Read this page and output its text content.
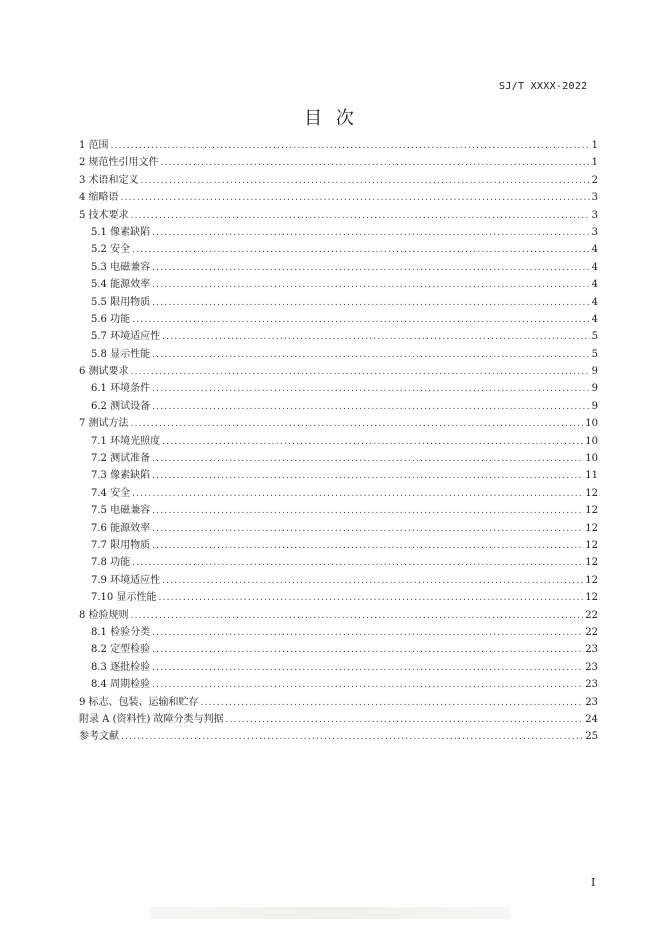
SJ/T XXXX-2022
目 次
1 范围 .....	1
2 规范性引用文件 .....	1
3 术语和定义 .....	2
4 缩略语 .....	3
5 技术要求 .....	3
5.1 像素缺陷 .....	3
5.2 安全 .....	4
5.3 电磁兼容 .....	4
5.4 能源效率 .....	4
5.5 限用物质 .....	4
5.6 功能 .....	4
5.7 环境适应性 .....	5
5.8 显示性能 .....	5
6 测试要求 .....	9
6.1 环境条件 .....	9
6.2 测试设备 .....	9
7 测试方法 .....	10
7.1 环境光照度 .....	10
7.2 测试准备 .....	10
7.3 像素缺陷 .....	11
7.4 安全 .....	12
7.5 电磁兼容 .....	12
7.6 能源效率 .....	12
7.7 限用物质 .....	12
7.8 功能 .....	12
7.9 环境适应性 .....	12
7.10 显示性能 .....	12
8 检验规则 .....	22
8.1 检验分类 .....	22
8.2 定型检验 .....	23
8.3 逐批检验 .....	23
8.4 周期检验 .....	23
9 标志、包装、运输和贮存 .....	23
附录 A (资料性) 故障分类与判据 .....	24
参考文献 .....	25
I
